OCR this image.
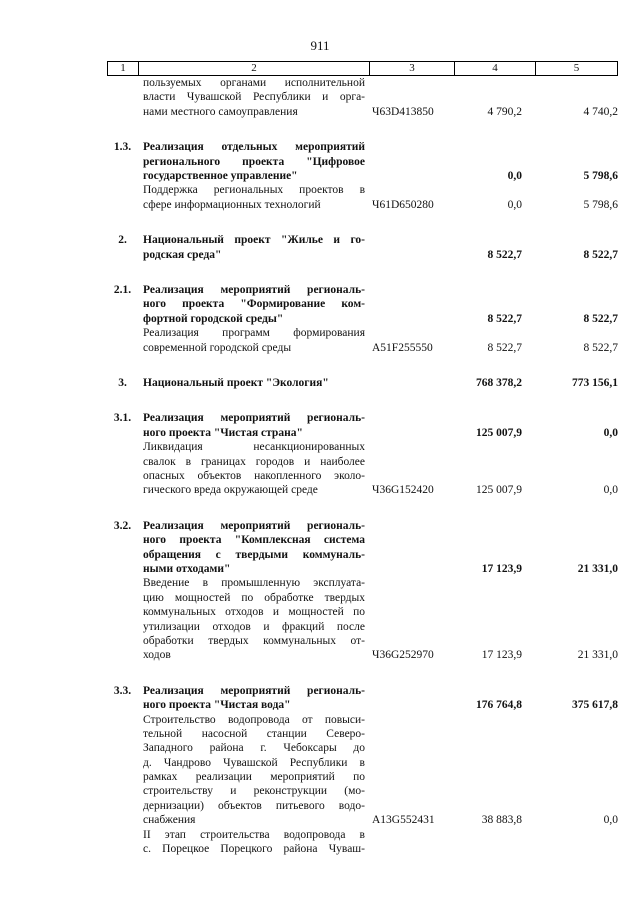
911
1	2	3	4	5
пользуемых органами исполнительной
власти Чувашской Республики и орга-
нами местного самоуправления	Ч63D413850	4 790,2	4 740,2
1.3.	Реализация отдельных мероприятий
регионального проекта "Цифровое
государственное управление"	0,0	5 798,6
Поддержка региональных проектов в
сфере информационных технологий	Ч61D650280	0,0	5 798,6
2.	Национальный проект "Жилье и го-
родская среда"	8 522,7	8 522,7
2.1.	Реализация мероприятий региональ-
ного проекта "Формирование ком-
фортной городской среды"	8 522,7	8 522,7
Реализация программ формирования
современной городской среды	A51F255550	8 522,7	8 522,7
3.	Национальный проект "Экология"	768 378,2	773 156,1
3.1.	Реализация мероприятий региональ-
ного проекта "Чистая страна"	125 007,9	0,0
Ликвидация несанкционированных
свалок в границах городов и наиболее
опасных объектов накопленного эколо-
гического вреда окружающей среде	Ч36G152420	125 007,9	0,0
3.2.	Реализация мероприятий региональ-
ного проекта "Комплексная система
обращения с твердыми коммуналь-
ными отходами"	17 123,9	21 331,0
Введение в промышленную эксплуата-
цию мощностей по обработке твердых
коммунальных отходов и мощностей по
утилизации отходов и фракций после
обработки твердых коммунальных от-
ходов	Ч36G252970	17 123,9	21 331,0
3.3.	Реализация мероприятий региональ-
ного проекта "Чистая вода"	176 764,8	375 617,8
Строительство водопровода от повыси-
тельной насосной станции Северо-
Западного района г. Чебоксары до
д. Чандрово Чувашской Республики в
рамках реализации мероприятий по
строительству и реконструкции (мо-
дернизации) объектов питьевого водо-
снабжения	A13G552431	38 883,8	0,0
II этап строительства водопровода в
с. Порецкое Порецкого района Чуваш-
